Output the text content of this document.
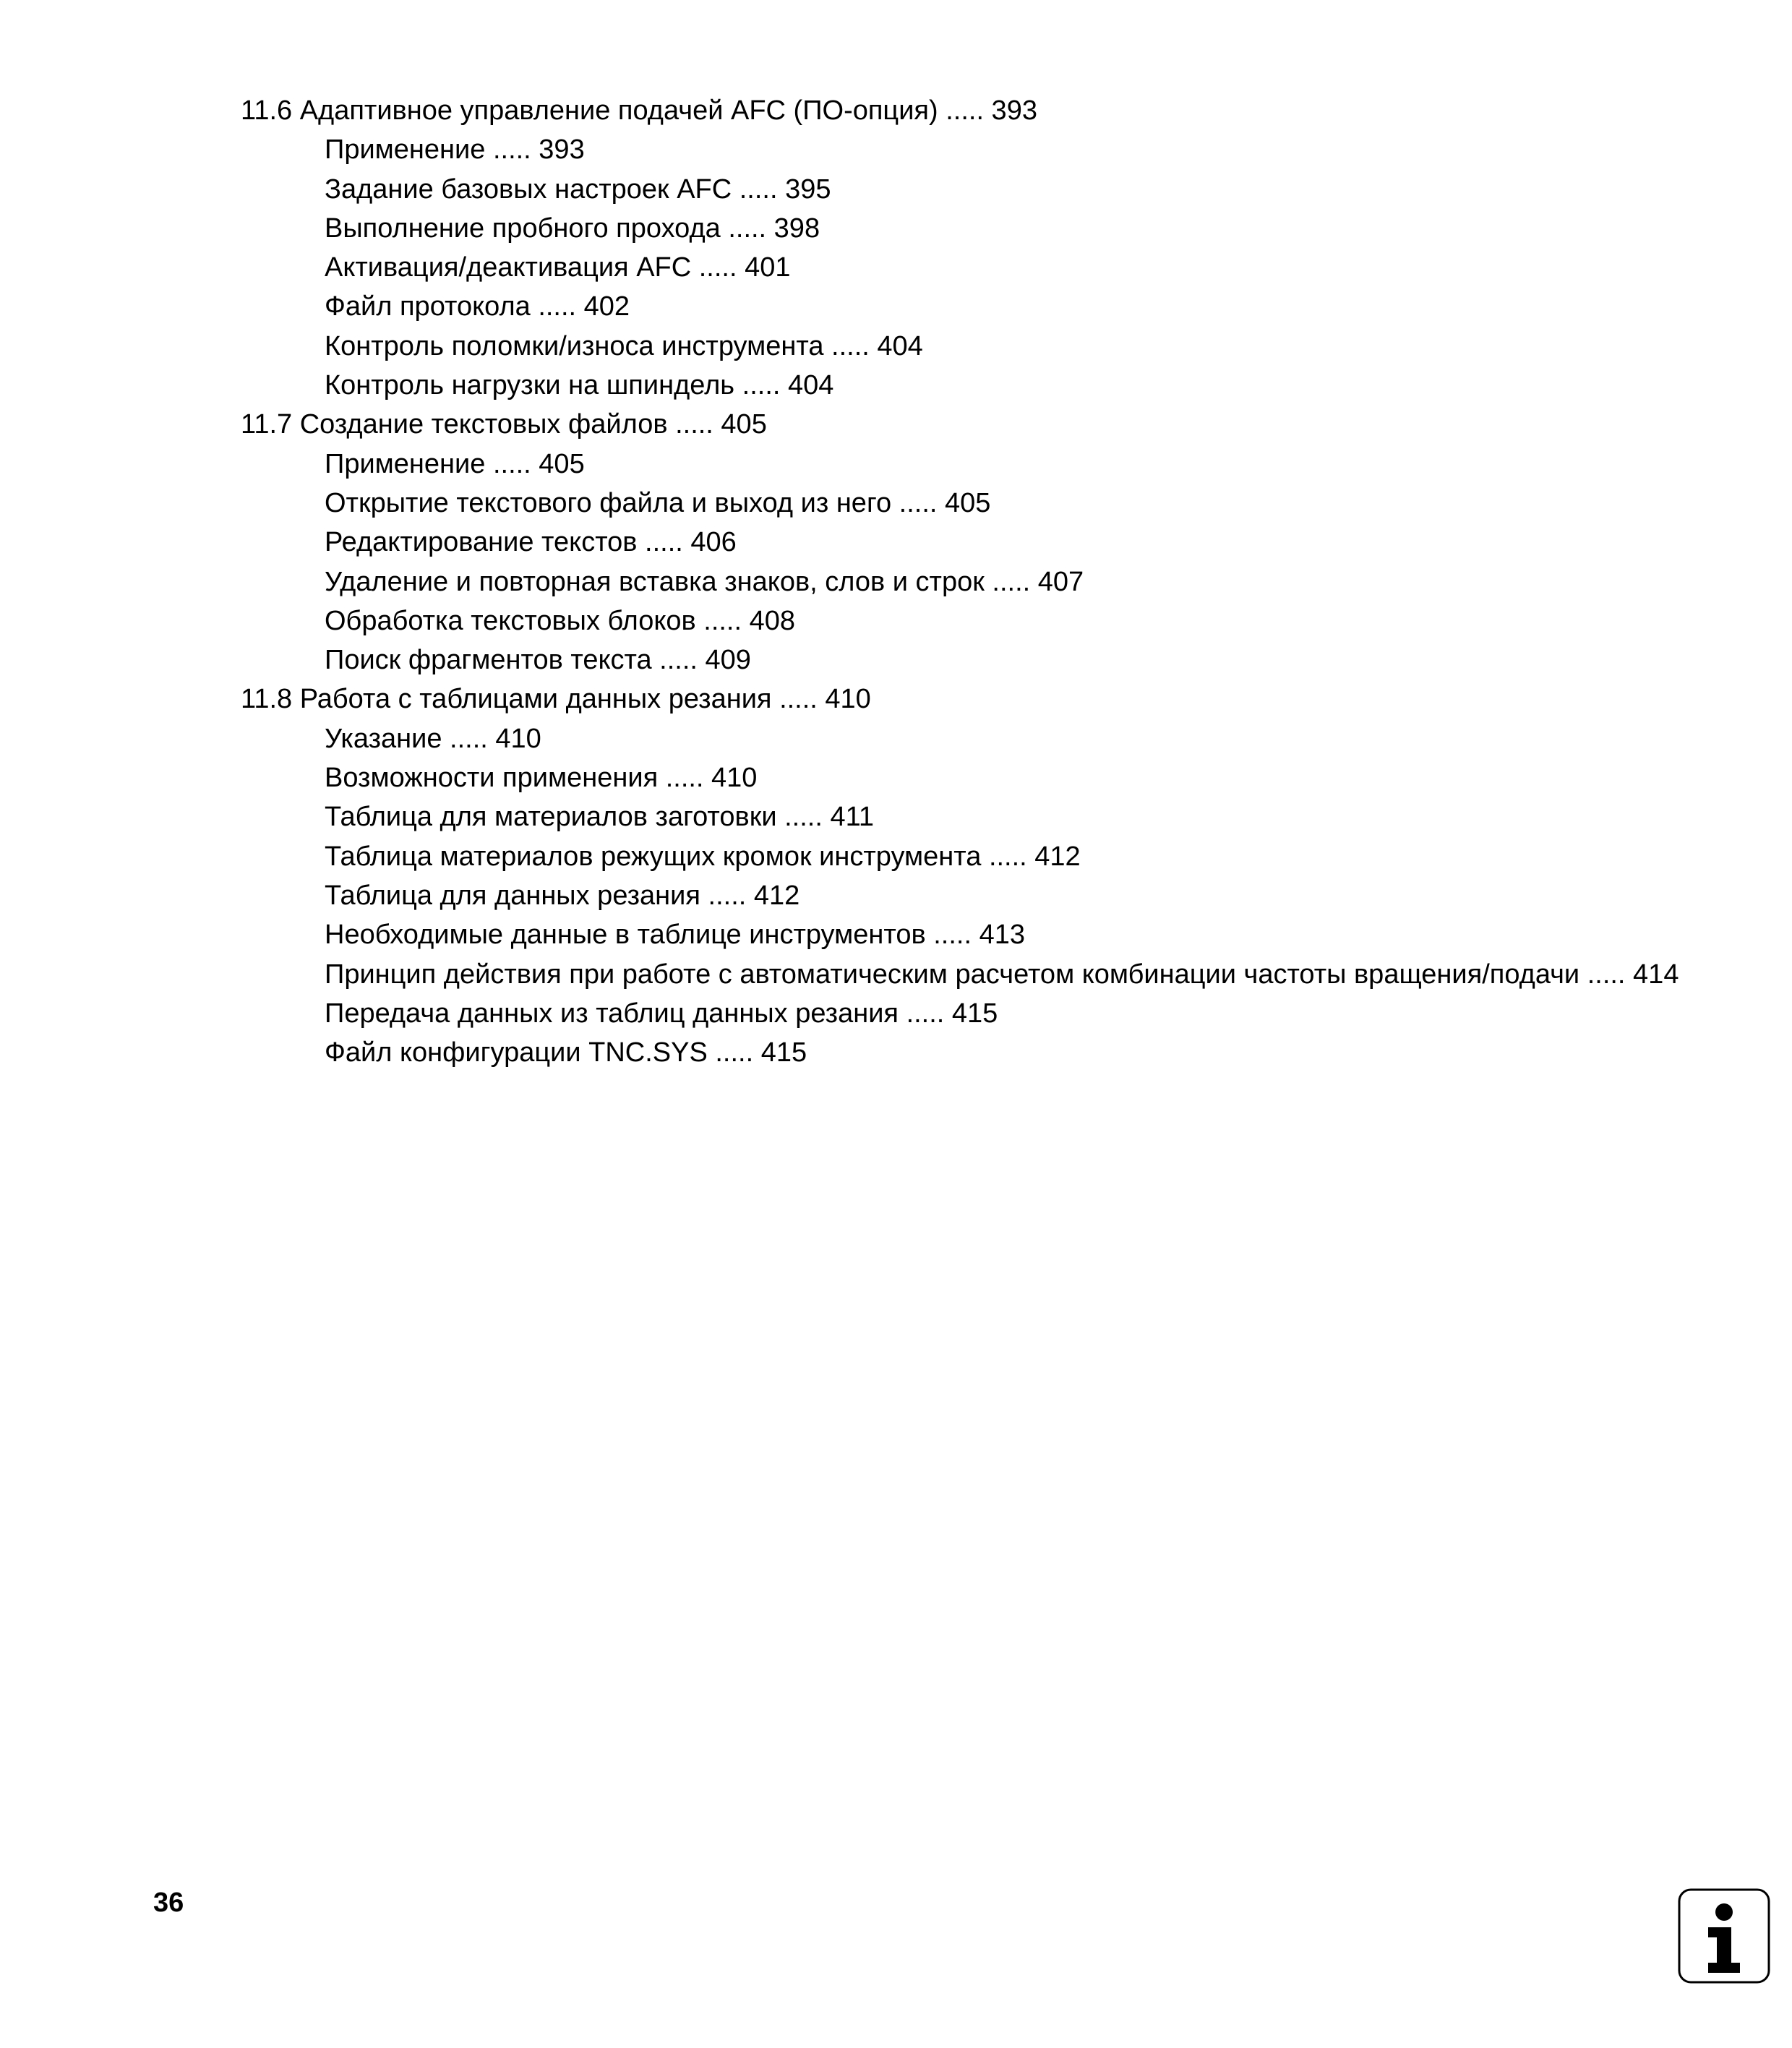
11.6 Адаптивное управление подачей AFC (ПО-опция) ..... 393
Применение ..... 393
Задание базовых настроек AFC ..... 395
Выполнение пробного прохода ..... 398
Активация/деактивация AFC ..... 401
Файл протокола ..... 402
Контроль поломки/износа инструмента ..... 404
Контроль нагрузки на шпиндель ..... 404
11.7 Создание текстовых файлов ..... 405
Применение ..... 405
Открытие текстового файла и выход из него ..... 405
Редактирование текстов ..... 406
Удаление и повторная вставка знаков, слов и строк ..... 407
Обработка текстовых блоков ..... 408
Поиск фрагментов текста ..... 409
11.8 Работа с таблицами данных резания ..... 410
Указание ..... 410
Возможности применения ..... 410
Таблица для материалов заготовки ..... 411
Таблица материалов режущих кромок инструмента ..... 412
Таблица для данных резания ..... 412
Необходимые данные в таблице инструментов ..... 413
Принцип действия при работе с автоматическим расчетом комбинации частоты вращения/подачи ..... 414
Передача данных из таблиц данных резания ..... 415
Файл конфигурации TNC.SYS ..... 415
36
